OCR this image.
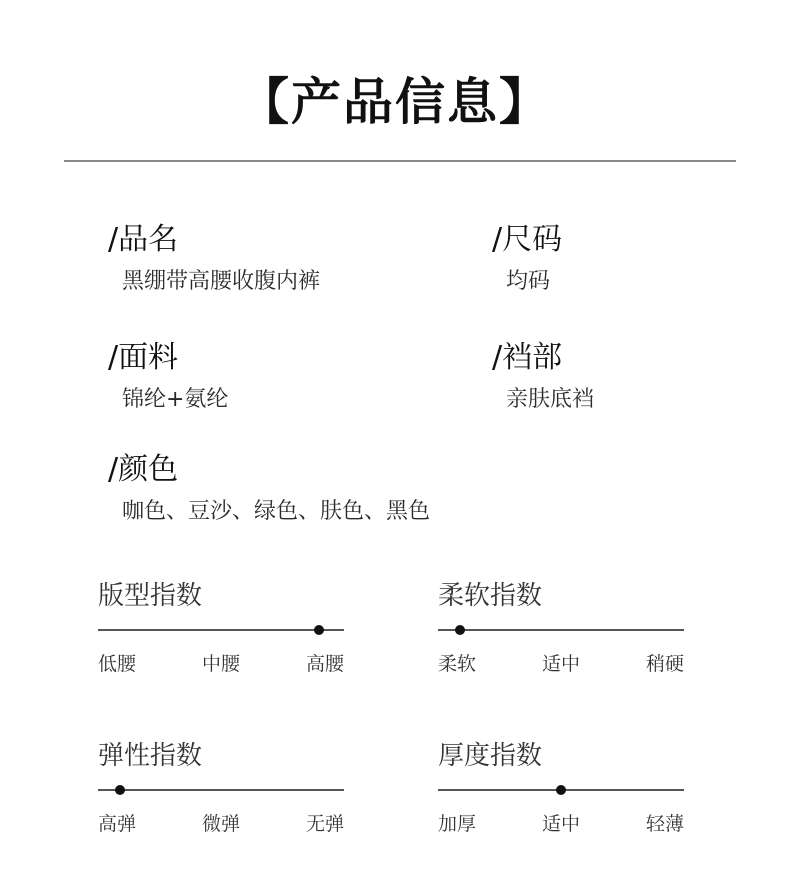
【产品信息】
/品名
黑绷带高腰收腹内裤
/尺码
均码
/面料
锦纶+氨纶
/裆部
亲肤底裆
/颜色
咖色、豆沙、绿色、肤色、黑色
版型指数
低腰	中腰	高腰
柔软指数
柔软	适中	稍硬
弹性指数
高弹	微弹	无弹
厚度指数
加厚	适中	轻薄
